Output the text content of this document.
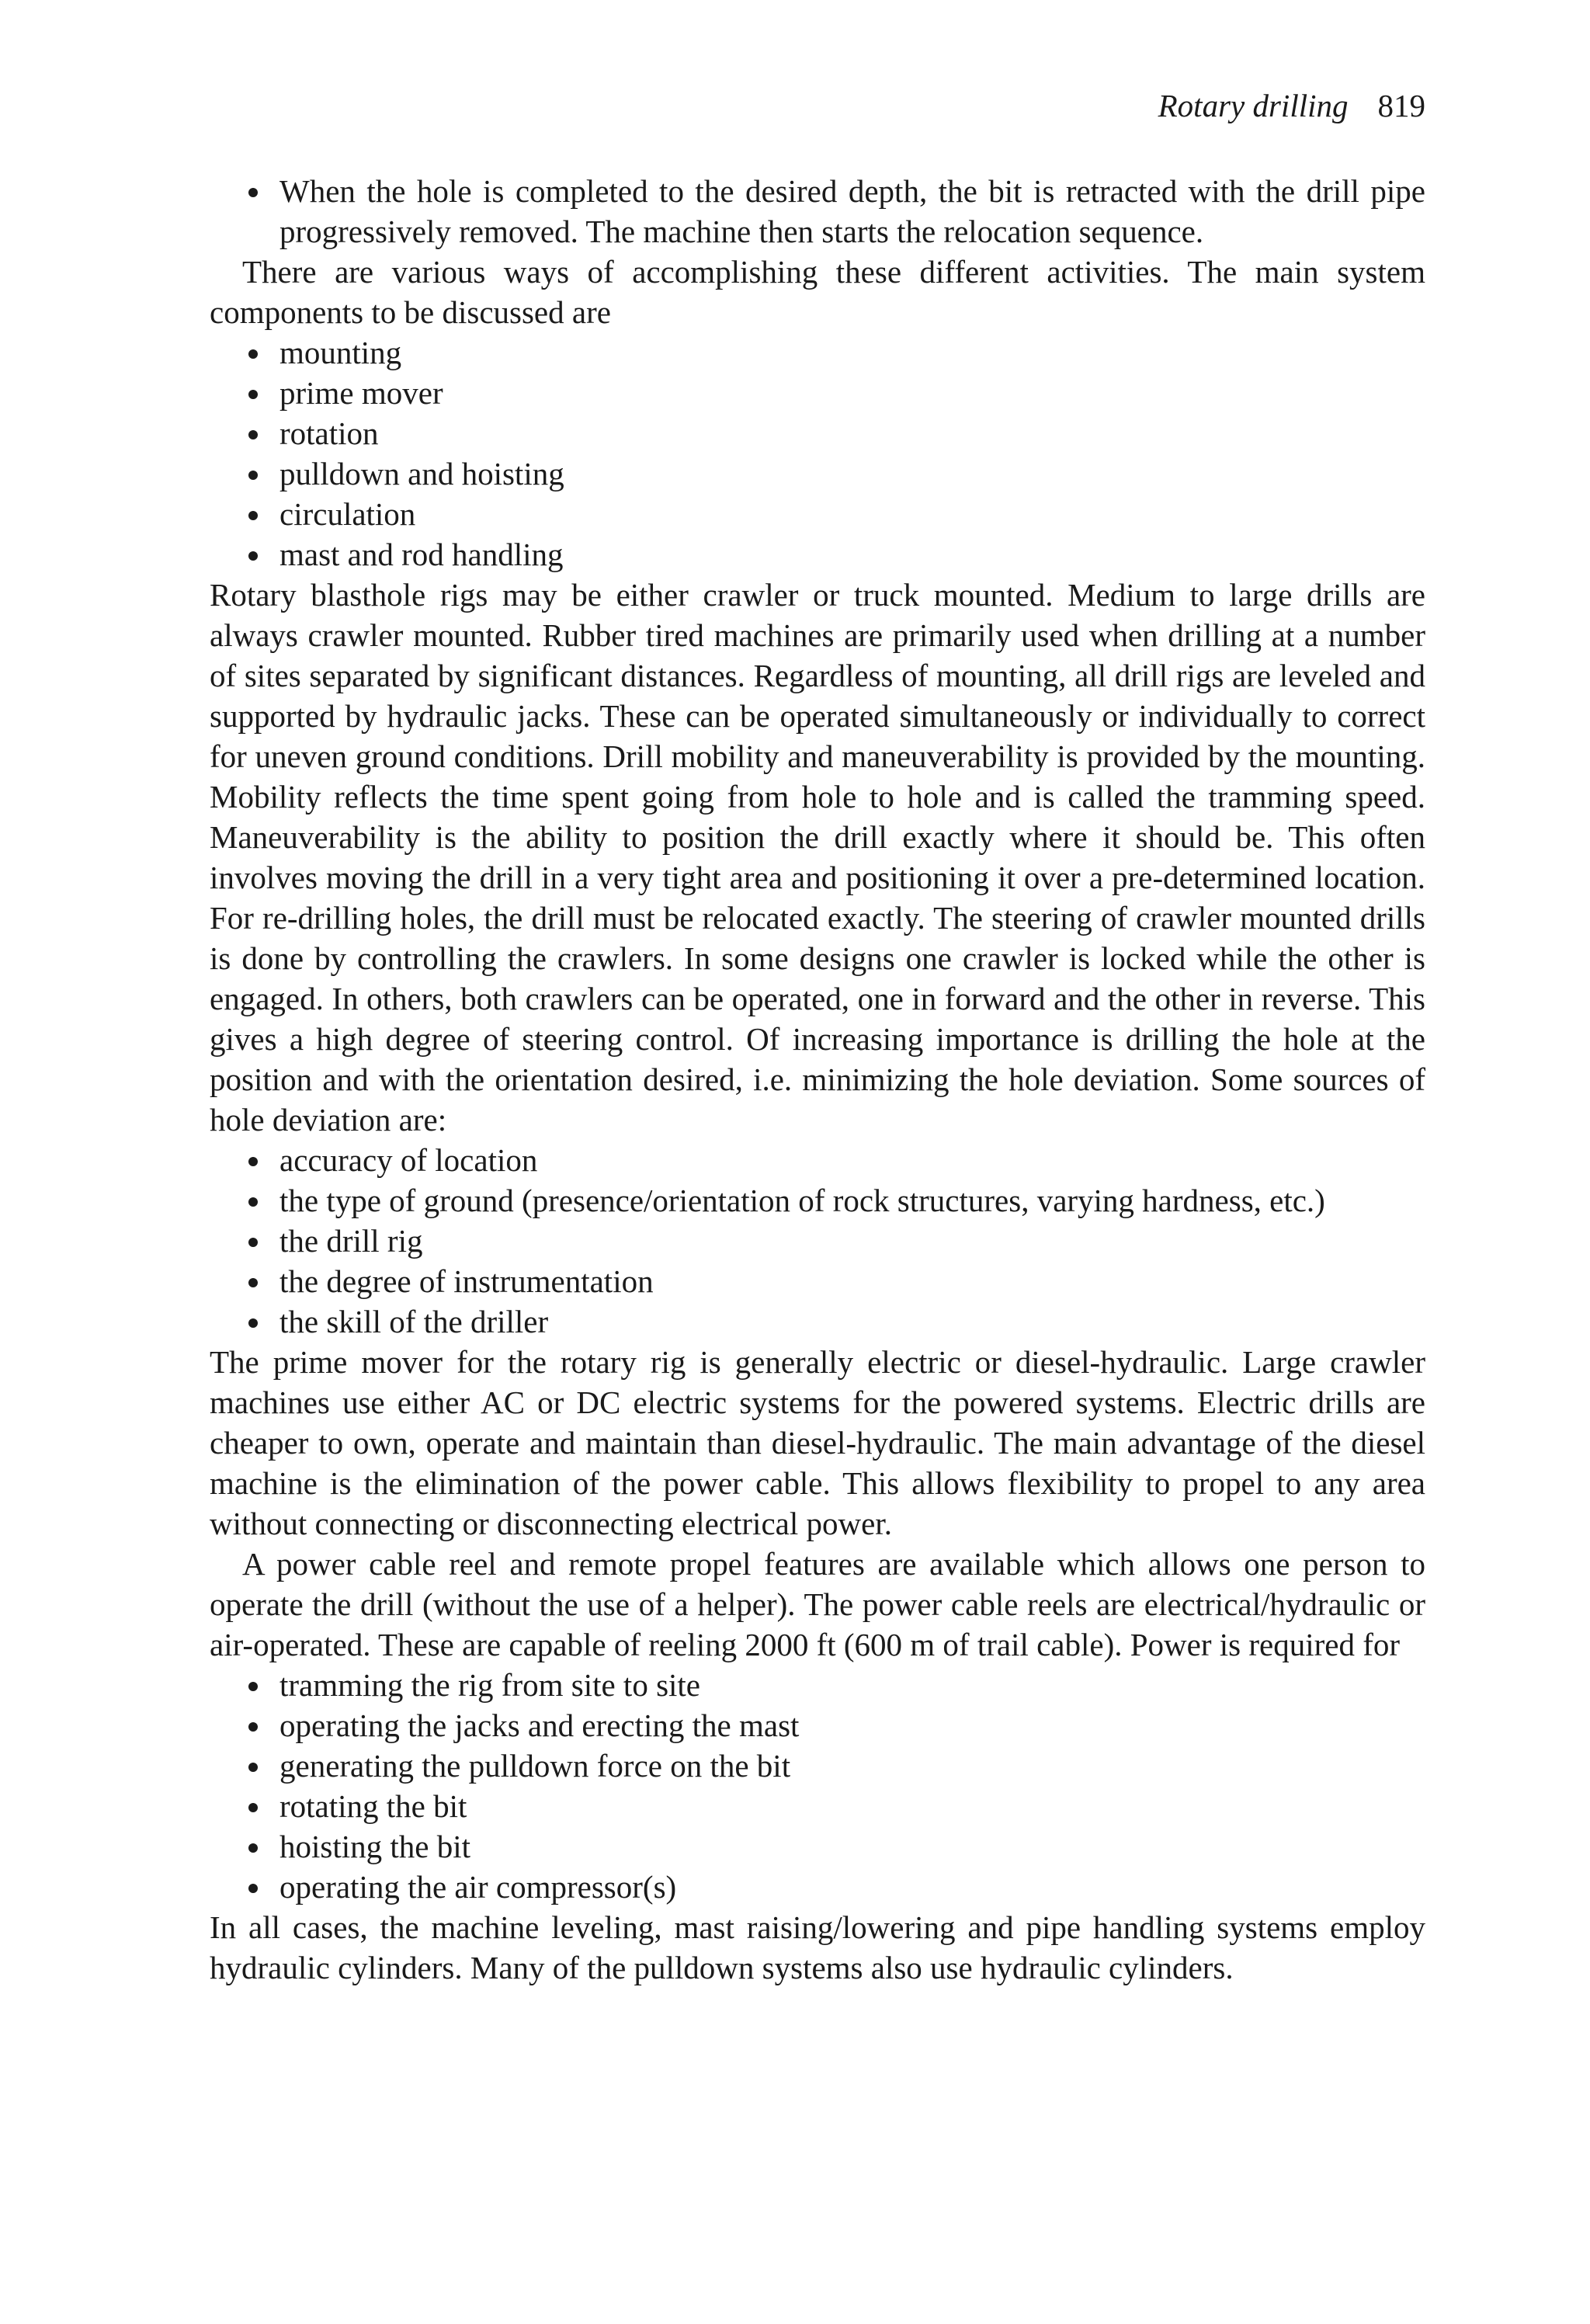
Rotary drilling 819
When the hole is completed to the desired depth, the bit is retracted with the drill pipe progressively removed. The machine then starts the relocation sequence.

There are various ways of accomplishing these different activities. The main system components to be discussed are

mounting
prime mover
rotation
pulldown and hoisting
circulation
mast and rod handling

Rotary blasthole rigs may be either crawler or truck mounted. Medium to large drills are always crawler mounted. Rubber tired machines are primarily used when drilling at a number of sites separated by significant distances. Regardless of mounting, all drill rigs are leveled and supported by hydraulic jacks. These can be operated simultaneously or individually to correct for uneven ground conditions. Drill mobility and maneuverability is provided by the mounting. Mobility reflects the time spent going from hole to hole and is called the tramming speed. Maneuverability is the ability to position the drill exactly where it should be. This often involves moving the drill in a very tight area and positioning it over a pre-determined location. For re-drilling holes, the drill must be relocated exactly. The steering of crawler mounted drills is done by controlling the crawlers. In some designs one crawler is locked while the other is engaged. In others, both crawlers can be operated, one in forward and the other in reverse. This gives a high degree of steering control. Of increasing importance is drilling the hole at the position and with the orientation desired, i.e. minimizing the hole deviation. Some sources of hole deviation are:

accuracy of location
the type of ground (presence/orientation of rock structures, varying hardness, etc.)
the drill rig
the degree of instrumentation
the skill of the driller

The prime mover for the rotary rig is generally electric or diesel-hydraulic. Large crawler machines use either AC or DC electric systems for the powered systems. Electric drills are cheaper to own, operate and maintain than diesel-hydraulic. The main advantage of the diesel machine is the elimination of the power cable. This allows flexibility to propel to any area without connecting or disconnecting electrical power.

A power cable reel and remote propel features are available which allows one person to operate the drill (without the use of a helper). The power cable reels are electrical/hydraulic or air-operated. These are capable of reeling 2000 ft (600 m of trail cable). Power is required for

tramming the rig from site to site
operating the jacks and erecting the mast
generating the pulldown force on the bit
rotating the bit
hoisting the bit
operating the air compressor(s)

In all cases, the machine leveling, mast raising/lowering and pipe handling systems employ hydraulic cylinders. Many of the pulldown systems also use hydraulic cylinders.
